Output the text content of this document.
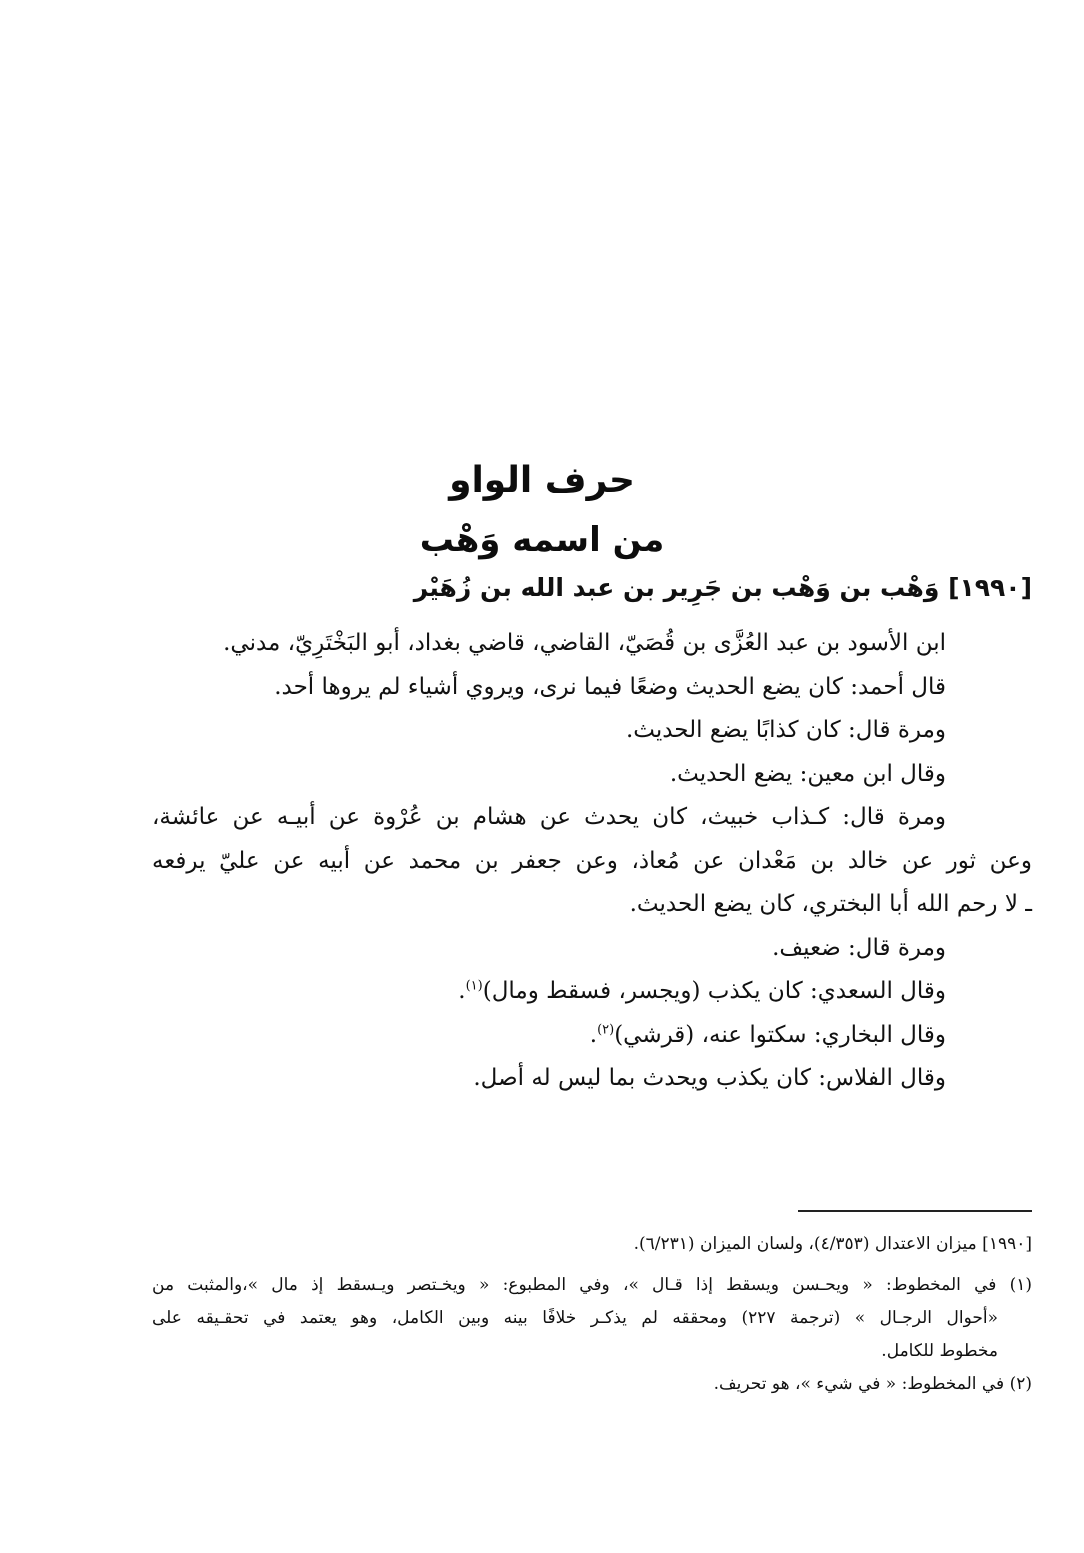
حرف الواو
من اسمه وَهْب
[١٩٩٠] وَهْب بن وَهْب بن جَرِير بن عبد الله بن زُهَيْر
ابن الأسود بن عبد العُزَّى بن قُصَيّ، القاضي، قاضي بغداد، أبو البَخْتَرِيّ، مدني.
قال أحمد: كان يضع الحديث وضعًا فيما نرى، ويروي أشياء لم يروها أحد.
ومرة قال: كان كذابًا يضع الحديث.
وقال ابن معين: يضع الحديث.
ومرة قال: كـذاب خبيث، كان يحدث عن هشام بن عُرْوة عن أبيـه عن عائشة،
وعن ثور عن خالد بن مَعْدان عن مُعاذ، وعن جعفر بن محمد عن أبيه عن عليّ يرفعه
ـ لا رحم الله أبا البختري، كان يضع الحديث.
ومرة قال: ضعيف.
وقال السعدي: كان يكذب (ويجسر، فسقط ومال)$^{(١)}$.
وقال البخاري: سكتوا عنه، (قرشي)$^{(٢)}$.
وقال الفلاس: كان يكذب ويحدث بما ليس له أصل.
[١٩٩٠] ميزان الاعتدال (٤/٣٥٣)، ولسان الميزان (٦/٢٣١).
(١) في المخطوط: « ويحـسن ويسقط إذا قـال »، وفي المطبوع: « ويخـتصر ويـسقط إذ مال »،والمثبت من
«أحوال الرجـال » (ترجمة ٢٢٧) ومحققه لم يذكـر خلافًا بينه وبين الكامل، وهو يعتمد في تحقـيقه على
مخطوط للكامل.
(٢) في المخطوط: « في شيء »، هو تحريف.
